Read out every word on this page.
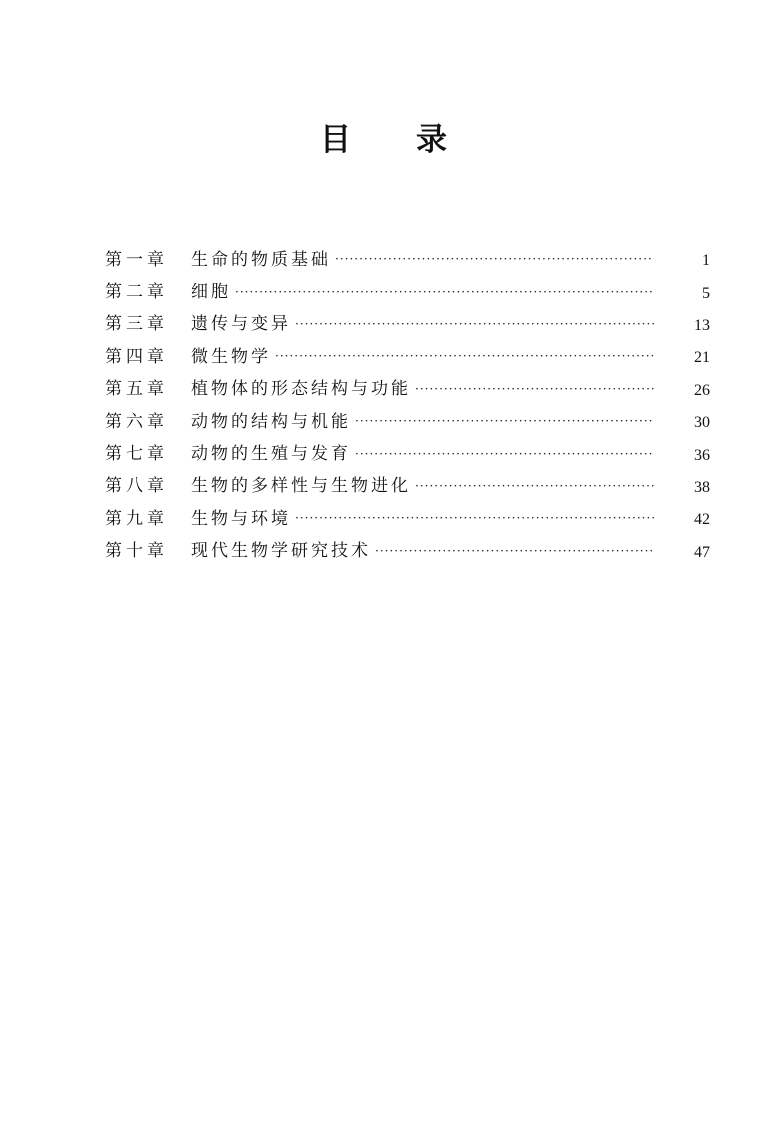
目 录
第一章	生命的物质基础 ·····	1
第二章	细胞 ·····	5
第三章	遗传与变异 ·····	13
第四章	微生物学 ·····	21
第五章	植物体的形态结构与功能 ·····	26
第六章	动物的结构与机能 ·····	30
第七章	动物的生殖与发育 ·····	36
第八章	生物的多样性与生物进化 ·····	38
第九章	生物与环境 ·····	42
第十章	现代生物学研究技术 ·····	47
